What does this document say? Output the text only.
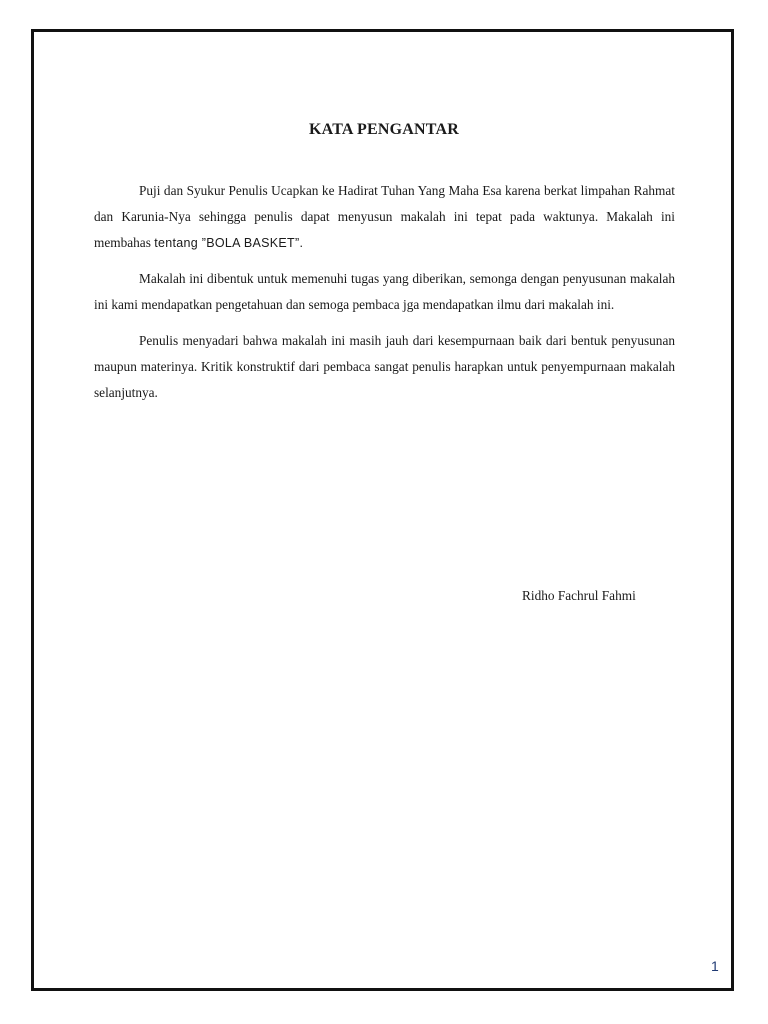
KATA PENGANTAR

Puji dan Syukur Penulis Ucapkan ke Hadirat Tuhan Yang Maha Esa karena berkat limpahan Rahmat dan Karunia-Nya sehingga penulis dapat menyusun makalah ini tepat pada waktunya. Makalah ini membahas tentang ”BOLA BASKET”.

Makalah ini dibentuk untuk memenuhi tugas yang diberikan, semonga dengan penyusunan makalah ini kami mendapatkan pengetahuan dan semoga pembaca jga mendapatkan ilmu dari makalah ini.

Penulis menyadari bahwa makalah ini masih jauh dari kesempurnaan baik dari bentuk penyusunan maupun materinya. Kritik konstruktif dari pembaca sangat penulis harapkan untuk penyempurnaan makalah selanjutnya.

Ridho Fachrul Fahmi
1
